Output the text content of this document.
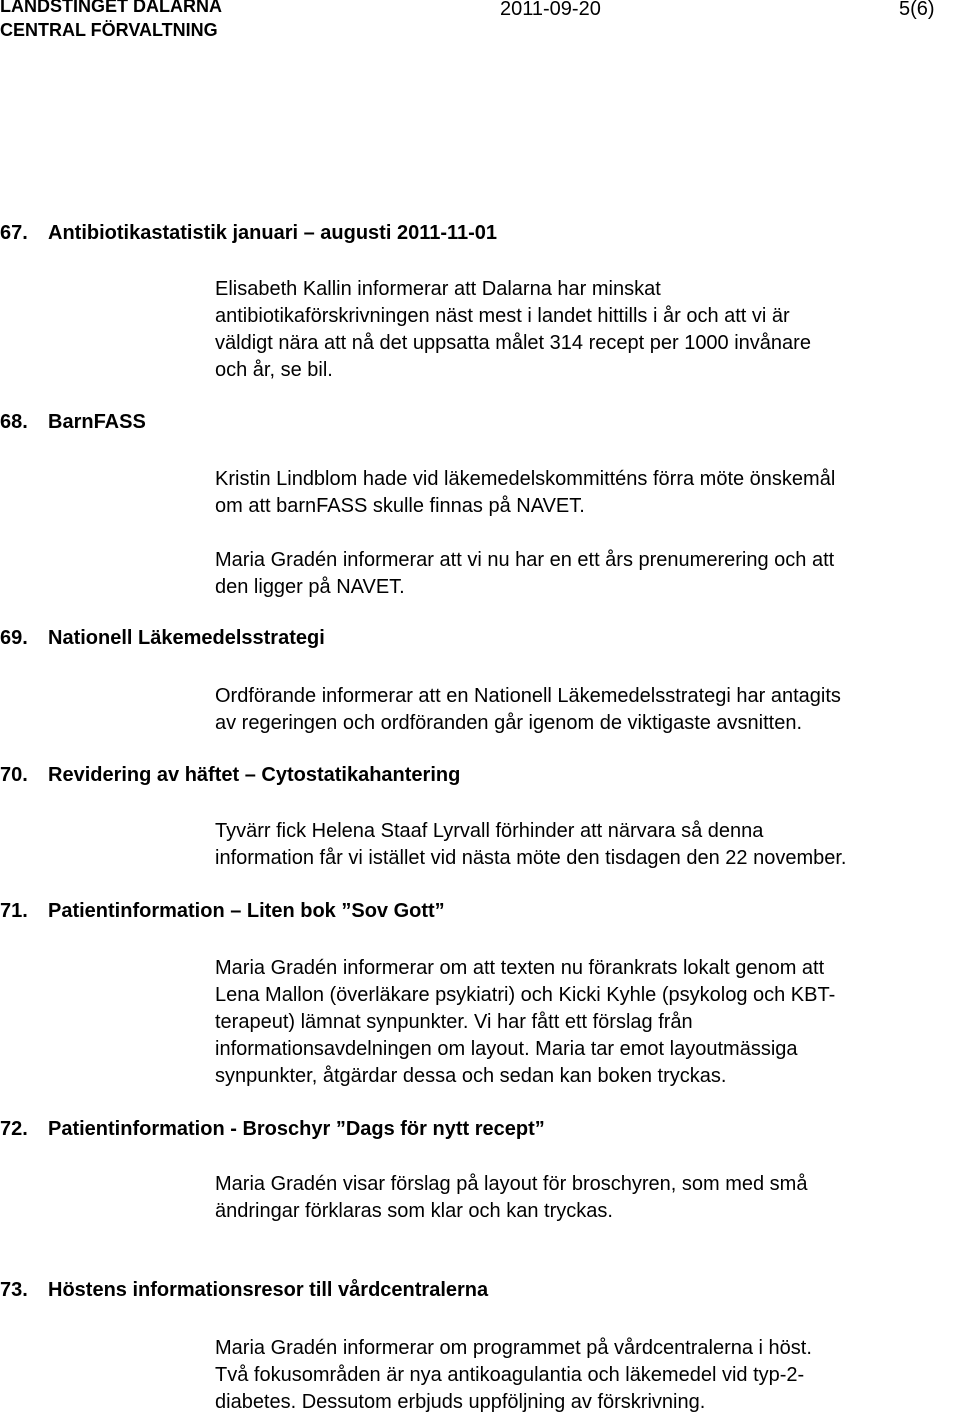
LANDSTINGET DALARNA
CENTRAL FÖRVALTNING
2011-09-20	5(6)
67. Antibiotikastatistik januari – augusti 2011-11-01
Elisabeth Kallin informerar att Dalarna har minskat
antibiotikaförskrivningen näst mest i landet hittills i år och att vi är
väldigt nära att nå det uppsatta målet 314 recept per 1000 invånare
och år, se bil.
68. BarnFASS
Kristin Lindblom hade vid läkemedelskommitténs förra möte önskemål
om att barnFASS skulle finnas på NAVET.
Maria Gradén informerar att vi nu har en ett års prenumerering och att
den ligger på NAVET.
69. Nationell Läkemedelsstrategi
Ordförande informerar att en Nationell Läkemedelsstrategi har antagits
av regeringen och ordföranden går igenom de viktigaste avsnitten.
70. Revidering av häftet – Cytostatikahantering
Tyvärr fick Helena Staaf Lyrvall förhinder att närvara så denna
information får vi istället vid nästa möte den tisdagen den 22 november.
71. Patientinformation – Liten bok ”Sov Gott”
Maria Gradén informerar om att texten nu förankrats lokalt genom att
Lena Mallon (överläkare psykiatri) och Kicki Kyhle (psykolog och KBT-
terapeut) lämnat synpunkter. Vi har fått ett förslag från
informationsavdelningen om layout. Maria tar emot layoutmässiga
synpunkter, åtgärdar dessa och sedan kan boken tryckas.
72. Patientinformation - Broschyr ”Dags för nytt recept”
Maria Gradén visar förslag på layout för broschyren, som med små
ändringar förklaras som klar och kan tryckas.
73. Höstens informationsresor till vårdcentralerna
Maria Gradén informerar om programmet på vårdcentralerna i höst.
Två fokusområden är nya antikoagulantia och läkemedel vid typ-2-
diabetes. Dessutom erbjuds uppföljning av förskrivning.
